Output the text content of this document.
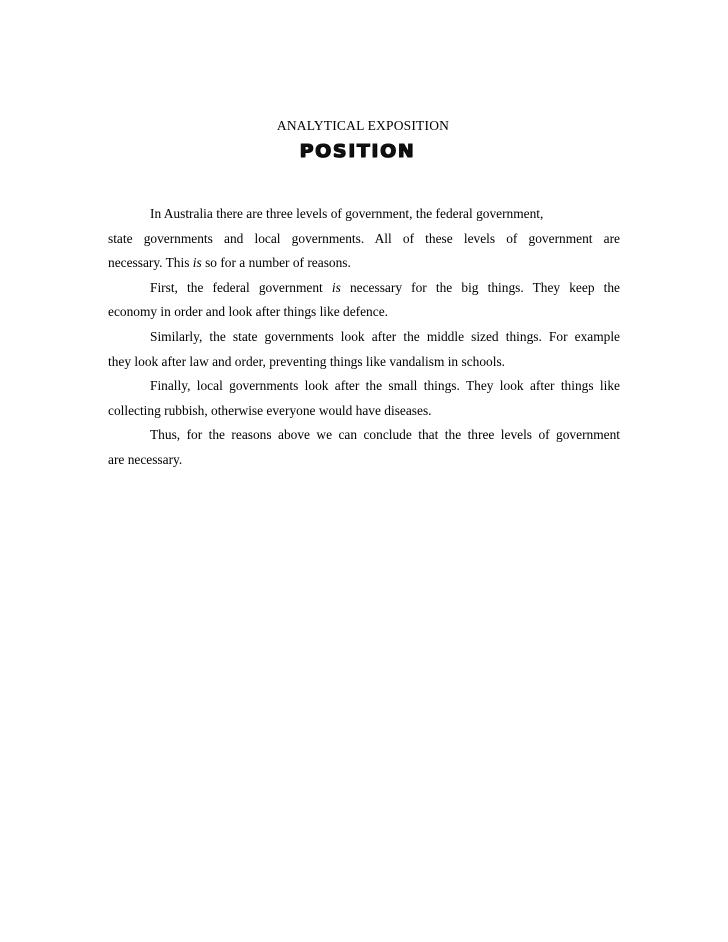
ANALYTICAL EXPOSITION
POSITION
In Australia there are three levels of government, the federal government,
state governments and local governments. All of these levels of government are
necessary. This is so for a number of reasons.
First, the federal government is necessary for the big things. They keep the
economy in order and look after things like defence.
Similarly, the state governments look after the middle sized things. For example
they look after law and order, preventing things like vandalism in schools.
Finally, local governments look after the small things. They look after things like
collecting rubbish, otherwise everyone would have diseases.
Thus, for the reasons above we can conclude that the three levels of government
are necessary.
